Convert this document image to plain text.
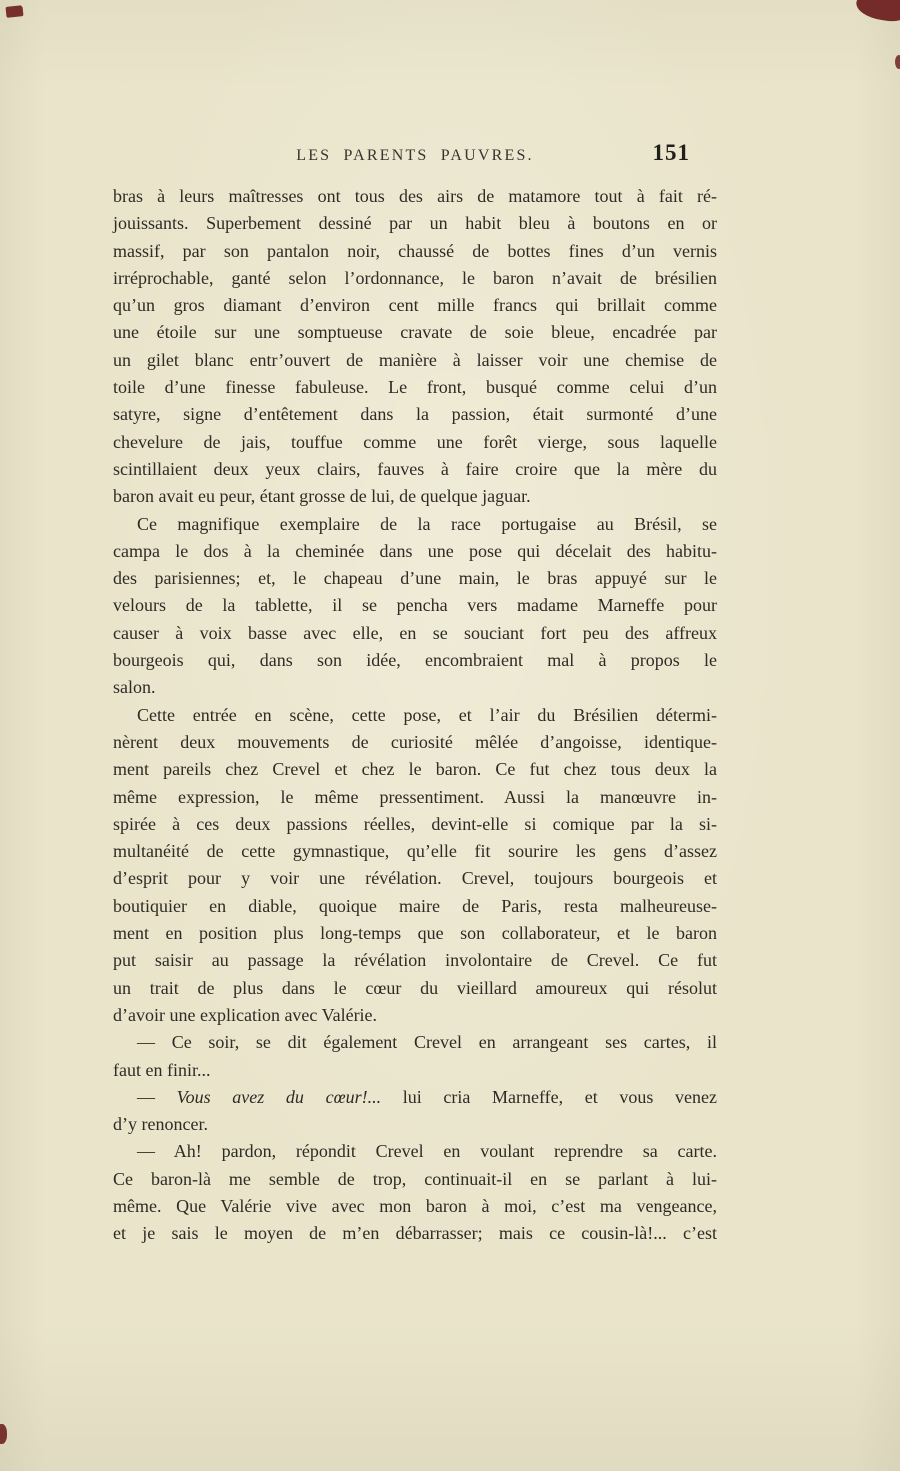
LES PARENTS PAUVRES.	151
bras à leurs maîtresses ont tous des airs de matamore tout à fait ré-
jouissants. Superbement dessiné par un habit bleu à boutons en or
massif, par son pantalon noir, chaussé de bottes fines d’un vernis
irréprochable, ganté selon l’ordonnance, le baron n’avait de brésilien
qu’un gros diamant d’environ cent mille francs qui brillait comme
une étoile sur une somptueuse cravate de soie bleue, encadrée par
un gilet blanc entr’ouvert de manière à laisser voir une chemise de
toile d’une finesse fabuleuse. Le front, busqué comme celui d’un
satyre, signe d’entêtement dans la passion, était surmonté d’une
chevelure de jais, touffue comme une forêt vierge, sous laquelle
scintillaient deux yeux clairs, fauves à faire croire que la mère du
baron avait eu peur, étant grosse de lui, de quelque jaguar.
Ce magnifique exemplaire de la race portugaise au Brésil, se
campa le dos à la cheminée dans une pose qui décelait des habitu-
des parisiennes; et, le chapeau d’une main, le bras appuyé sur le
velours de la tablette, il se pencha vers madame Marneffe pour
causer à voix basse avec elle, en se souciant fort peu des affreux
bourgeois qui, dans son idée, encombraient mal à propos le
salon.
Cette entrée en scène, cette pose, et l’air du Brésilien détermi-
nèrent deux mouvements de curiosité mêlée d’angoisse, identique-
ment pareils chez Crevel et chez le baron. Ce fut chez tous deux la
même expression, le même pressentiment. Aussi la manœuvre in-
spirée à ces deux passions réelles, devint-elle si comique par la si-
multanéité de cette gymnastique, qu’elle fit sourire les gens d’assez
d’esprit pour y voir une révélation. Crevel, toujours bourgeois et
boutiquier en diable, quoique maire de Paris, resta malheureuse-
ment en position plus long-temps que son collaborateur, et le baron
put saisir au passage la révélation involontaire de Crevel. Ce fut
un trait de plus dans le cœur du vieillard amoureux qui résolut
d’avoir une explication avec Valérie.
— Ce soir, se dit également Crevel en arrangeant ses cartes, il
faut en finir...
— Vous avez du cœur!... lui cria Marneffe, et vous venez
d’y renoncer.
— Ah! pardon, répondit Crevel en voulant reprendre sa carte.
Ce baron-là me semble de trop, continuait-il en se parlant à lui-
même. Que Valérie vive avec mon baron à moi, c’est ma vengeance,
et je sais le moyen de m’en débarrasser; mais ce cousin-là!... c’est
